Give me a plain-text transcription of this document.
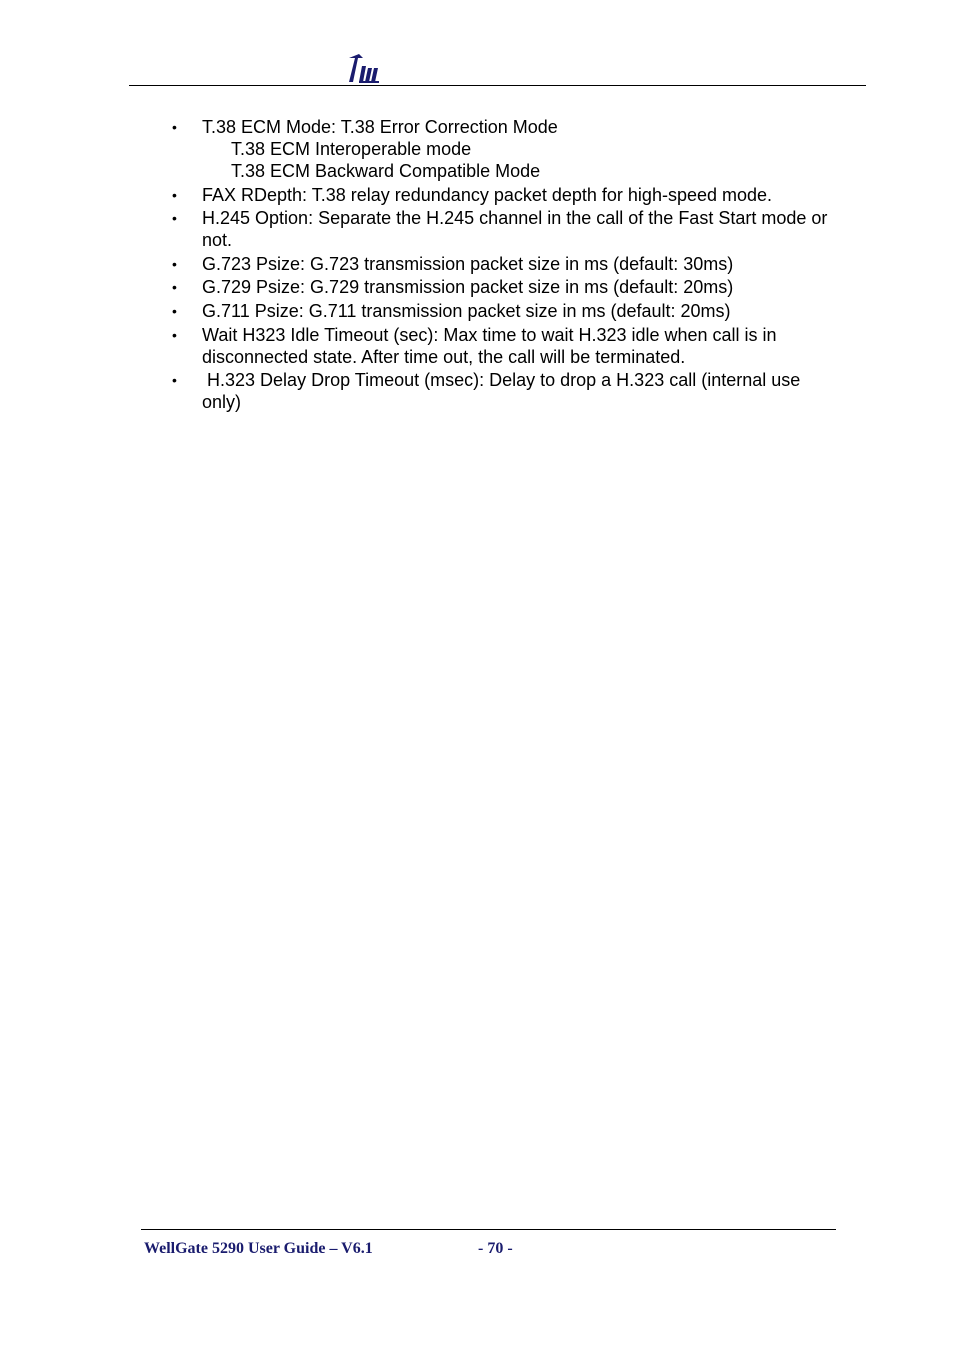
•	T.38 ECM Mode: T.38 Error Correction Mode
T.38 ECM Interoperable mode
T.38 ECM Backward Compatible Mode
•	FAX RDepth: T.38 relay redundancy packet depth for high-speed mode.
•	H.245 Option: Separate the H.245 channel in the call of the Fast Start mode or not.
•	G.723 Psize: G.723 transmission packet size in ms (default: 30ms)
•	G.729 Psize: G.729 transmission packet size in ms (default: 20ms)
•	G.711 Psize: G.711 transmission packet size in ms (default: 20ms)
•	Wait H323 Idle Timeout (sec): Max time to wait H.323 idle when call is in disconnected state. After time out, the call will be terminated.
•	H.323 Delay Drop Timeout (msec): Delay to drop a H.323 call (internal use only)
WellGate 5290 User Guide – V6.1	- 70 -
